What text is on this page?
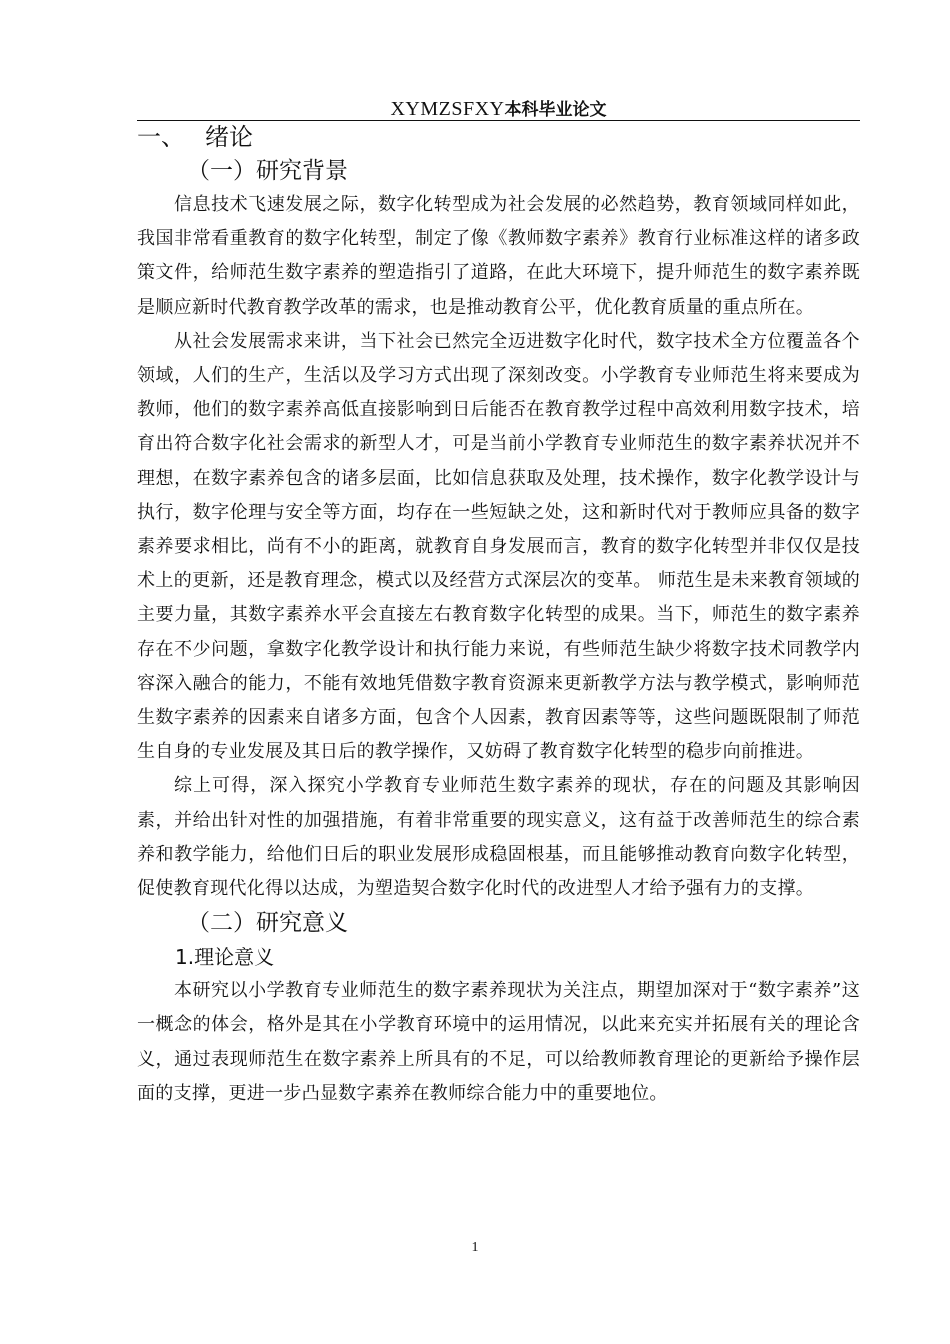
XYMZSFXY本科毕业论文
一、 绪论
（一）研究背景

信息技术飞速发展之际，数字化转型成为社会发展的必然趋势，教育领域同样如此，我国非常看重教育的数字化转型，制定了像《教师数字素养》教育行业标准这样的诸多政策文件，给师范生数字素养的塑造指引了道路，在此大环境下，提升师范生的数字素养既是顺应新时代教育教学改革的需求，也是推动教育公平，优化教育质量的重点所在。

从社会发展需求来讲，当下社会已然完全迈进数字化时代，数字技术全方位覆盖各个领域，人们的生产，生活以及学习方式出现了深刻改变。小学教育专业师范生将来要成为教师，他们的数字素养高低直接影响到日后能否在教育教学过程中高效利用数字技术，培育出符合数字化社会需求的新型人才，可是当前小学教育专业师范生的数字素养状况并不理想，在数字素养包含的诸多层面，比如信息获取及处理，技术操作，数字化教学设计与执行，数字伦理与安全等方面，均存在一些短缺之处，这和新时代对于教师应具备的数字素养要求相比，尚有不小的距离，就教育自身发展而言，教育的数字化转型并非仅仅是技术上的更新，还是教育理念，模式以及经营方式深层次的变革。 师范生是未来教育领域的主要力量，其数字素养水平会直接左右教育数字化转型的成果。当下，师范生的数字素养存在不少问题，拿数字化教学设计和执行能力来说，有些师范生缺少将数字技术同教学内容深入融合的能力，不能有效地凭借数字教育资源来更新教学方法与教学模式，影响师范生数字素养的因素来自诸多方面，包含个人因素，教育因素等等，这些问题既限制了师范生自身的专业发展及其日后的教学操作，又妨碍了教育数字化转型的稳步向前推进。

综上可得，深入探究小学教育专业师范生数字素养的现状，存在的问题及其影响因素，并给出针对性的加强措施，有着非常重要的现实意义，这有益于改善师范生的综合素养和教学能力，给他们日后的职业发展形成稳固根基，而且能够推动教育向数字化转型，促使教育现代化得以达成，为塑造契合数字化时代的改进型人才给予强有力的支撑。

（二）研究意义
1.理论意义

本研究以小学教育专业师范生的数字素养现状为关注点，期望加深对于“数字素养”这一概念的体会，格外是其在小学教育环境中的运用情况，以此来充实并拓展有关的理论含义，通过表现师范生在数字素养上所具有的不足，可以给教师教育理论的更新给予操作层面的支撑，更进一步凸显数字素养在教师综合能力中的重要地位。

1
